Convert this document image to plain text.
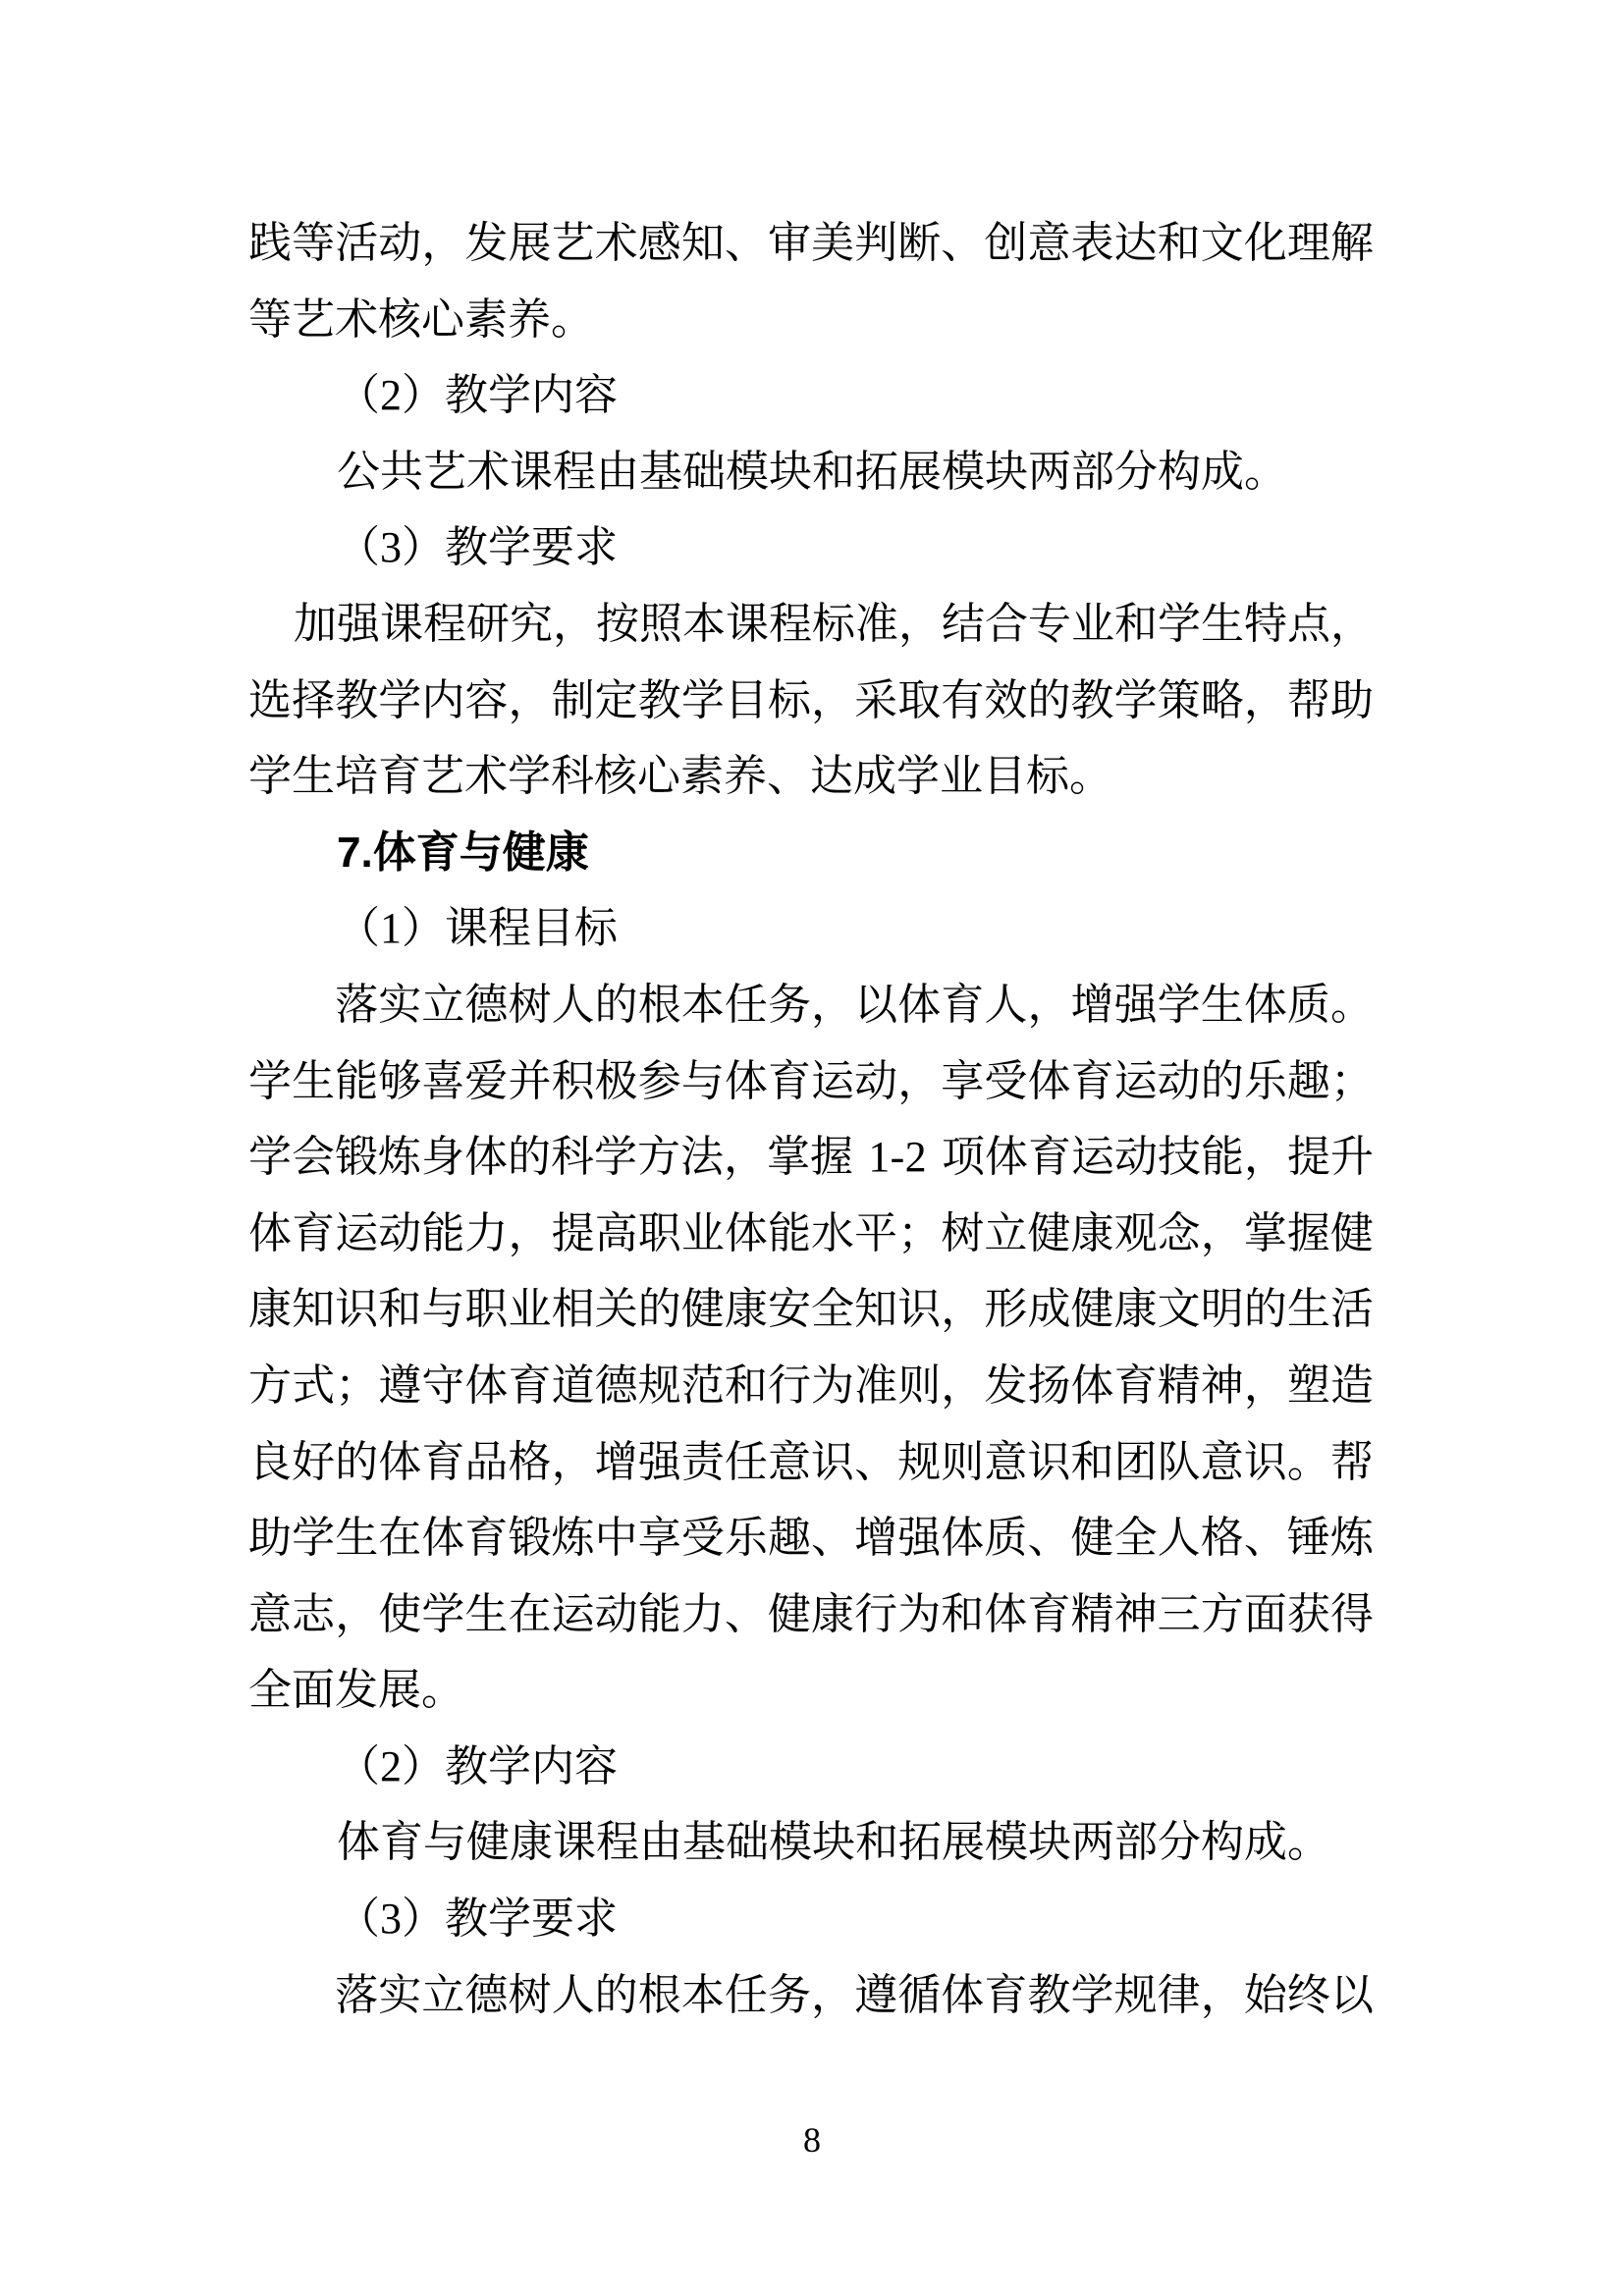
践 等 活 动 ， 发 展 艺 术 感 知 、 审 美 判 断 、 创 意 表 达 和 文 化 理 解
等艺术核心素养。
（2）教学内容
公共艺术课程由基础模块和拓展模块两部分构成。
（3）教学要求

加 强 课 程 研 究 ， 按 照 本 课 程 标 准 ， 结 合 专 业 和 学 生 特 点 ，
选 择 教 学 内 容 ， 制 定 教 学 目 标 ， 采 取 有 效 的 教 学 策 略 ， 帮 助
学生培育艺术学科核心素养、达成学业目标。
7.体育与健康
（1）课程目标

落 实 立 德 树 人 的 根 本 任 务 ， 以 体 育 人 ， 增 强 学 生 体 质 。
学 生 能 够 喜 爱 并 积 极 参 与 体 育 运 动 ， 享 受 体 育 运 动 的 乐 趣 ；
学 会 锻 炼 身 体 的 科 学 方 法 ， 掌 握
1 - 2
项 体 育 运 动 技 能 ， 提 升
体 育 运 动 能 力 ， 提 高 职 业 体 能 水 平 ； 树 立 健 康 观 念 ， 掌 握 健
康 知 识 和 与 职 业 相 关 的 健 康 安 全 知 识 ， 形 成 健 康 文 明 的 生 活
方 式 ； 遵 守 体 育 道 德 规 范 和 行 为 准 则 ， 发 扬 体 育 精 神 ， 塑 造
良 好 的 体 育 品 格 ， 增 强 责 任 意 识 、 规 则 意 识 和 团 队 意 识 。 帮
助 学 生 在 体 育 锻 炼 中 享 受 乐 趣 、 增 强 体 质 、 健 全 人 格 、 锤 炼
意 志 ， 使 学 生 在 运 动 能 力 、 健 康 行 为 和 体 育 精 神 三 方 面 获 得
全面发展。
（2）教学内容
体育与健康课程由基础模块和拓展模块两部分构成。
（3）教学要求

落 实 立 德 树 人 的 根 本 任 务 ， 遵 循 体 育 教 学 规 律 ， 始 终 以
8
